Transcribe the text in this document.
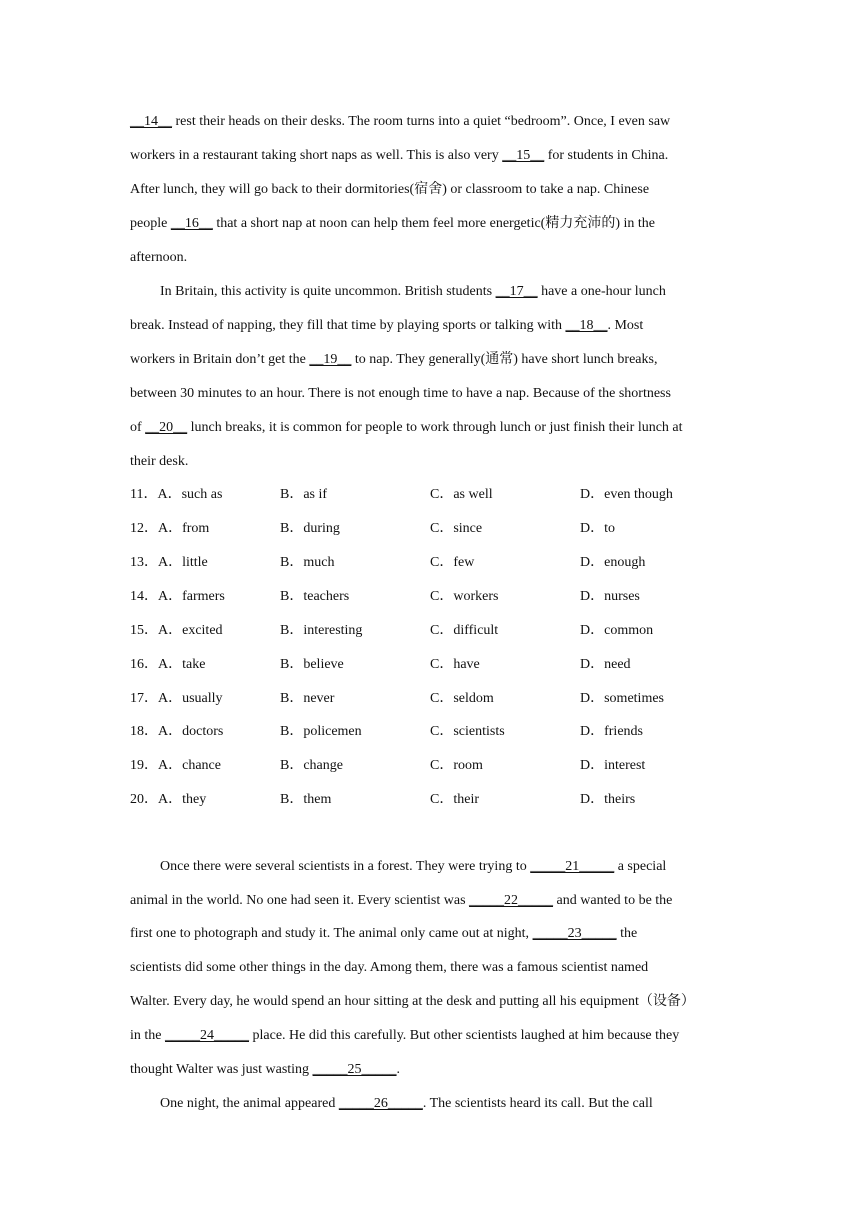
__14__ rest their heads on their desks. The room turns into a quiet “bedroom”. Once, I even saw
workers in a restaurant taking short naps as well. This is also very __15__ for students in China.
After lunch, they will go back to their dormitories(宿舍) or classroom to take a nap. Chinese
people __16__ that a short nap at noon can help them feel more energetic(精力充沛的) in the
afternoon.
In Britain, this activity is quite uncommon. British students __17__ have a one-hour lunch
break. Instead of napping, they fill that time by playing sports or talking with __18__. Most
workers in Britain don’t get the __19__ to nap. They generally(通常) have short lunch breaks,
between 30 minutes to an hour. There is not enough time to have a nap. Because of the shortness
of __20__ lunch breaks, it is common for people to work through lunch or just finish their lunch at
their desk.
11．A．such as	B．as if	C．as well	D．even though
12．A．from	B．during	C．since	D．to
13．A．little	B．much	C．few	D．enough
14．A．farmers	B．teachers	C．workers	D．nurses
15．A．excited	B．interesting	C．difficult	D．common
16．A．take	B．believe	C．have	D．need
17．A．usually	B．never	C．seldom	D．sometimes
18．A．doctors	B．policemen	C．scientists	D．friends
19．A．chance	B．change	C．room	D．interest
20．A．they	B．them	C．their	D．theirs
Once there were several scientists in a forest. They were trying to _____21_____ a special
animal in the world. No one had seen it. Every scientist was _____22_____ and wanted to be the
first one to photograph and study it. The animal only came out at night, _____23_____ the
scientists did some other things in the day. Among them, there was a famous scientist named
Walter. Every day, he would spend an hour sitting at the desk and putting all his equipment（设备）
in the _____24_____ place. He did this carefully. But other scientists laughed at him because they
thought Walter was just wasting _____25_____.
One night, the animal appeared _____26_____. The scientists heard its call. But the call
